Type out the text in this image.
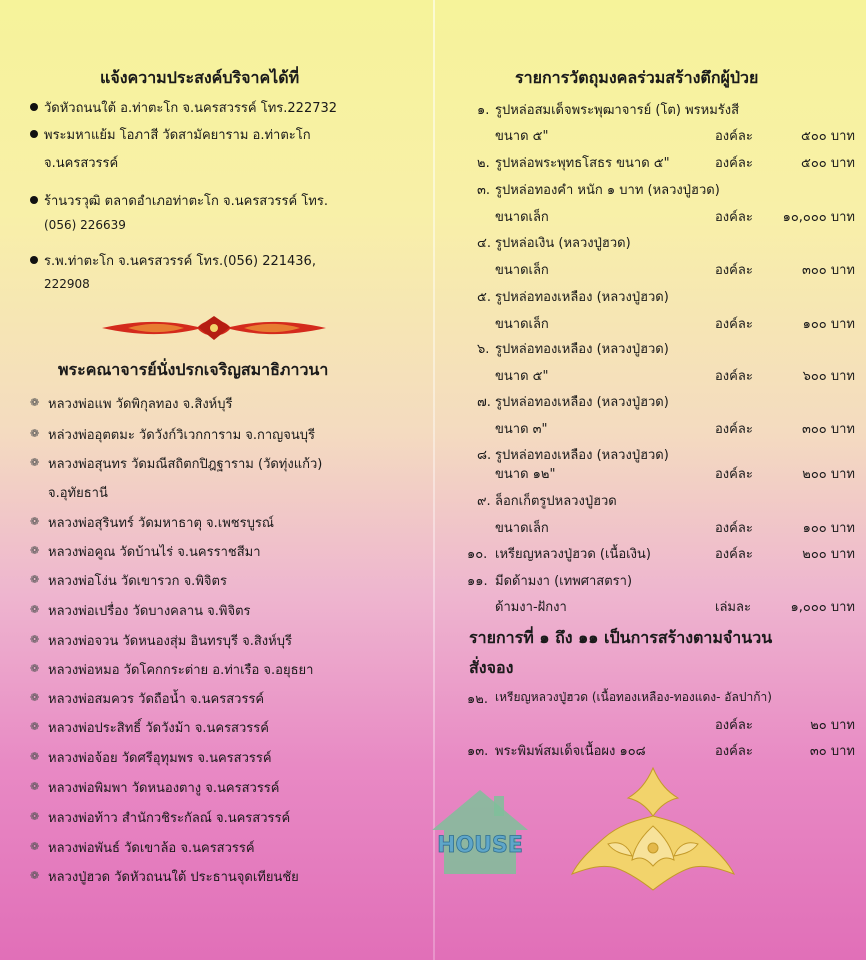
แจ้งความประสงค์บริจาคได้ที่
วัดหัวถนนใต้ อ.ท่าตะโก จ.นครสวรรค์ โทร.222732
พระมหาแย้ม โอภาสี วัดสามัคยาราม อ.ท่าตะโก
จ.นครสวรรค์
ร้านวรวุฒิ ตลาดอำเภอท่าตะโก จ.นครสวรรค์ โทร.
(056) 226639
ร.พ.ท่าตะโก จ.นครสวรรค์ โทร.(056) 221436,
222908
พระคณาจารย์นั่งปรกเจริญสมาธิภาวนา
❁ หลวงพ่อแพ วัดพิกุลทอง จ.สิงห์บุรี
❁ หล่วงพ่ออุตตมะ วัดวังก์วิเวกการาม จ.กาญจนบุรี
❁ หลวงพ่อสุนทร วัดมณีสถิตกปิฎฐาราม (วัดทุ่งแก้ว)
จ.อุทัยธานี
❁ หลวงพ่อสุรินทร์ วัดมหาธาตุ จ.เพชรบูรณ์
❁ หลวงพ่อคูณ วัดบ้านไร่ จ.นครราชสีมา
❁ หลวงพ่อโง่น วัดเขารวก จ.พิจิตร
❁ หลวงพ่อเปรื่อง วัดบางคลาน จ.พิจิตร
❁ หลวงพ่อจวน วัดหนองสุ่ม อินทรบุรี จ.สิงห์บุรี
❁ หลวงพ่อหมอ วัดโคกกระต่าย อ.ท่าเรือ จ.อยุธยา
❁ หลวงพ่อสมควร วัดถือน้ำ จ.นครสวรรค์
❁ หลวงพ่อประสิทธิ์ วัดวังม้า จ.นครสวรรค์
❁ หลวงพ่อจ้อย วัดศรีอุทุมพร จ.นครสวรรค์
❁ หลวงพ่อพิมพา วัดหนองตางู จ.นครสวรรค์
❁ หลวงพ่อท้าว สำนักวชิระกัลณ์ จ.นครสวรรค์
❁ หลวงพ่อพันธ์ วัดเขาล้อ จ.นครสวรรค์
❁ หลวงปู่ฮวด วัดหัวถนนใต้ ประธานจุดเทียนชัย
รายการวัตถุมงคลร่วมสร้างตึกผู้ป่วย
๑. รูปหล่อสมเด็จพระพุฒาจารย์ (โต) พรหมรังสี
ขนาด ๕"	องค์ละ	๕๐๐ บาท
๒. รูปหล่อพระพุทธโสธร ขนาด ๕"	องค์ละ	๕๐๐ บาท
๓. รูปหล่อทองคำ หนัก ๑ บาท (หลวงปู่ฮวด)
ขนาดเล็ก	องค์ละ ๑๐,๐๐๐ บาท
๔. รูปหล่อเงิน (หลวงปู่ฮวด)
ขนาดเล็ก	องค์ละ	๓๐๐ บาท
๕. รูปหล่อทองเหลือง (หลวงปู่ฮวด)
ขนาดเล็ก	องค์ละ	๑๐๐ บาท
๖. รูปหล่อทองเหลือง (หลวงปู่ฮวด)
ขนาด ๕"	องค์ละ	๖๐๐ บาท
๗. รูปหล่อทองเหลือง (หลวงปู่ฮวด)
ขนาด ๓"	องค์ละ	๓๐๐ บาท
๘. รูปหล่อทองเหลือง (หลวงปู่ฮวด)
ขนาด ๑๒"	องค์ละ	๒๐๐ บาท
๙. ล็อกเก็ตรูปหลวงปู่ฮวด
ขนาดเล็ก	องค์ละ	๑๐๐ บาท
๑๐. เหรียญหลวงปู่ฮวด (เนื้อเงิน)	องค์ละ	๒๐๐ บาท
๑๑. มีดด้ามงา (เทพศาสตรา)
ด้ามงา-ฝักงา	เล่มละ	๑,๐๐๐ บาท
รายการที่ ๑ ถึง ๑๑ เป็นการสร้างตามจำนวน
สั่งจอง
๑๒. เหรียญหลวงปู่ฮวด (เนื้อทองเหลือง-ทองแดง- อัลปาก้า)
องค์ละ	๒๐ บาท
๑๓. พระพิมพ์สมเด็จเนื้อผง ๑๐๘	องค์ละ	๓๐ บาท
HOUSE
